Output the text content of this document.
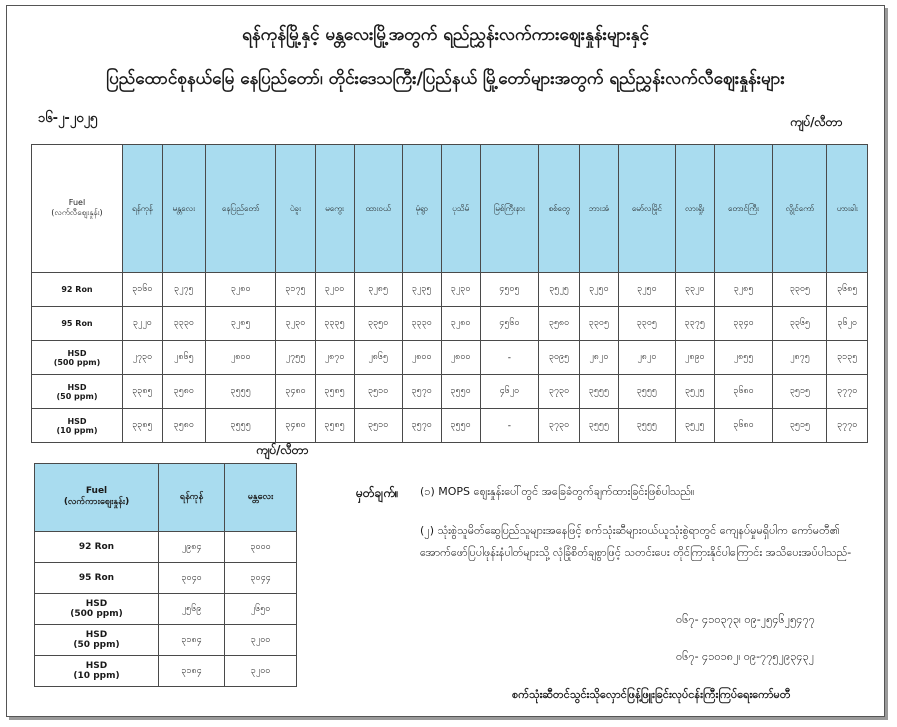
ရန်ကုန်မြို့နှင့် မန္တလေးမြို့အတွက် ရည်ညွှန်းလက်ကားဈေးနှုန်းများနှင့်
ပြည်ထောင်စုနယ်မြေ နေပြည်တော်၊ တိုင်းဒေသကြီး/ပြည်နယ် မြို့တော်များအတွက် ရည်ညွှန်းလက်လီဈေးနှုန်းများ
၁၆-၂-၂၀၂၅	ကျပ်/လီတာ
Fuel
(လက်လီဈေးနှုန်း)	ရန်ကုန်	မန္တလေး	နေပြည်တော်	ပဲခူး	မကွေး	ထားဝယ်	မုံရွာ	ပုသိမ်	မြစ်ကြီးနား	စစ်တွေ	ဘားအံ	မော်လမြိုင်	လားရှိုး	တောင်ကြီး	လွိုင်ကော်	ဟားခါး
92 Ron	၃၁၆၀	၃၂၇၅	၃၂၈၀	၃၁၇၅	၃၂၀၀	၃၂၈၅	၃၂၃၅	၃၂၃၀	၄၅၀၅	၃၅၂၅	၃၂၅၀	၃၂၅၀	၃၃၂၀	၃၂၈၅	၃၃၀၅	၃၆၈၅
95 Ron	၃၂၂၀	၃၃၃၀	၃၂၈၅	၃၂၃၀	၃၃၃၅	၃၃၅၀	၃၃၃၀	၃၂၈၀	၄၅၆၀	၃၅၈၀	၃၃၀၅	၃၃၀၅	၃၃၇၅	၃၃၄၀	၃၃၆၅	၃၆၂၀
HSD
(500 ppm)	၂၇၃၀	၂၈၆၅	၂၈၀၀	၂၇၅၅	၂၈၇၀	၂၈၆၅	၂၈၀၀	၂၈၀၀	-	၃၀၉၅	၂၈၂၀	၂၈၂၀	၂၈၉၀	၂၈၅၅	၂၈၇၅	၃၁၃၅
HSD
(50 ppm)	၃၃၈၅	၃၅၈၀	၃၅၅၅	၃၄၈၀	၃၅၈၅	၃၅၁၀	၃၅၇၀	၃၅၅၀	၄၆၂၀	၃၇၃၀	၃၅၅၅	၃၅၅၅	၃၅၂၅	၃၆၈၀	၃၅၁၅	၃၇၇၀
HSD
(10 ppm)	၃၃၈၅	၃၅၈၀	၃၅၅၅	၃၄၈၀	၃၅၈၅	၃၅၁၀	၃၅၇၀	၃၅၅၀	-	၃၇၃၀	၃၅၅၅	၃၅၅၅	၃၅၂၅	၃၆၈၀	၃၅၁၅	၃၇၇၀
ကျပ်/လီတာ
Fuel
(လက်ကားဈေးနှုန်း)	ရန်ကုန်	မန္တလေး
92 Ron	၂၉၈၄	၃၀၀၀
95 Ron	၃၀၄၀	၃၀၄၄
HSD
(500 ppm)	၂၅၆၉	၂၆၅၀
HSD
(50 ppm)	၃၁၈၄	၃၂၀၀
HSD
(10 ppm)	၃၁၈၄	၃၂၀၀
မှတ်ချက်။ (၁) MOPS ဈေးနှုန်းပေါ်တွင် အခြေခံတွက်ချက်ထားခြင်းဖြစ်ပါသည်။
(၂) သုံးစွဲသူမိတ်ဆွေပြည်သူများအနေဖြင့် စက်သုံးဆီများဝယ်ယူသုံးစွဲရာတွင် ကျေနပ်မှုမရှိပါက ကော်မတီ၏ အောက်ဖော်ပြပါဖုန်းနံပါတ်များသို့ လုံခြုံစိတ်ချစွာဖြင့် သတင်းပေး တိုင်ကြားနိုင်ပါကြောင်း အသိပေးအပ်ပါသည်-
၀၆၇- ၄၁၀၃၇၃၊ ၀၉-၂၅၄၆၂၅၄၇၇
၀၆၇- ၄၁၀၁၈၂၊ ၀၉-၇၇၅၂၉၃၄၃၂
စက်သုံးဆီတင်သွင်းသိုလှောင်ဖြန့်ဖြူးခြင်းလုပ်ငန်းကြီးကြပ်ရေးကော်မတီ
